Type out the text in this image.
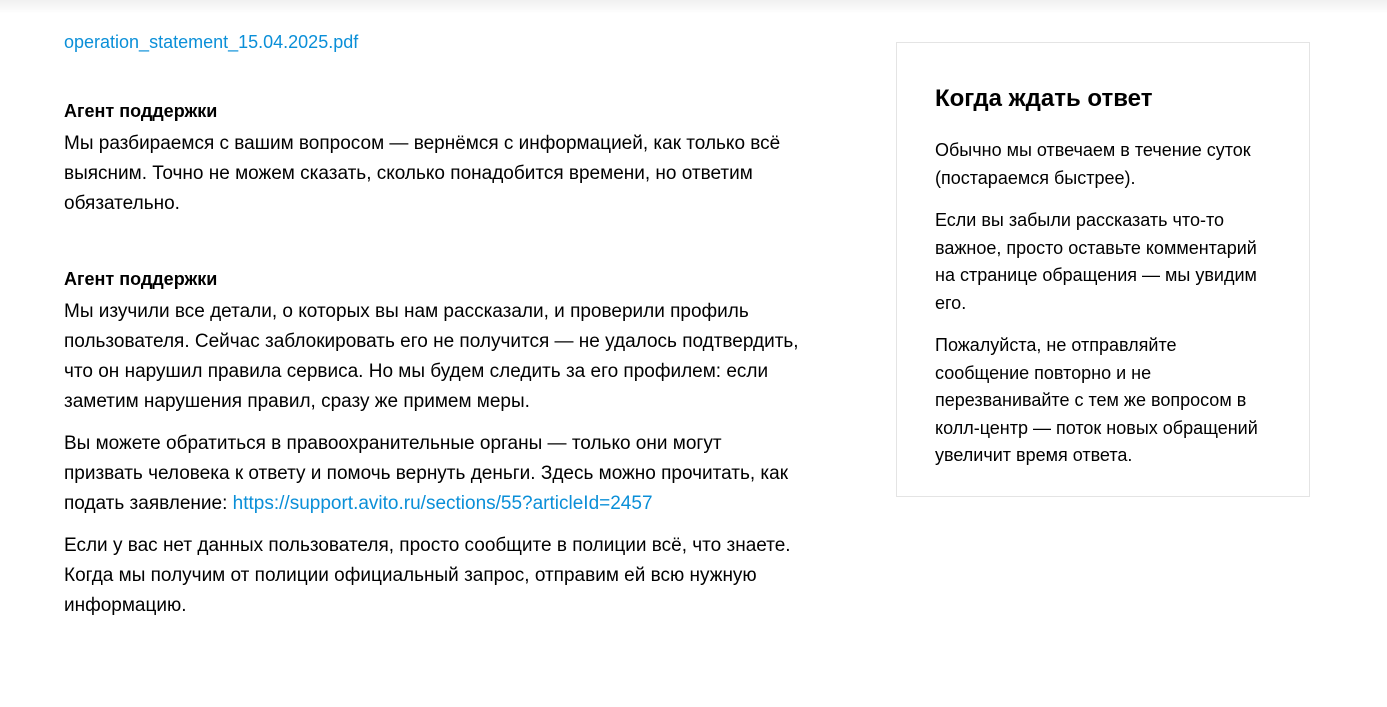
operation_statement_15.04.2025.pdf
Агент поддержки

Мы разбираемся с вашим вопросом — вернёмся с информацией, как только всё выясним. Точно не можем сказать, сколько понадобится времени, но ответим обязательно.

Агент поддержки

Мы изучили все детали, о которых вы нам рассказали, и проверили профиль пользователя. Сейчас заблокировать его не получится — не удалось подтвердить, что он нарушил правила сервиса. Но мы будем следить за его профилем: если заметим нарушения правил, сразу же примем меры.

Вы можете обратиться в правоохранительные органы — только они могут призвать человека к ответу и помочь вернуть деньги. Здесь можно прочитать, как подать заявление: https://support.avito.ru/sections/55?articleId=2457

Если у вас нет данных пользователя, просто сообщите в полиции всё, что знаете. Когда мы получим от полиции официальный запрос, отправим ей всю нужную информацию.

Когда ждать ответ

Обычно мы отвечаем в течение суток (постараемся быстрее).

Если вы забыли рассказать что-то важное, просто оставьте комментарий на странице обращения — мы увидим его.

Пожалуйста, не отправляйте сообщение повторно и не перезванивайте с тем же вопросом в колл-центр — поток новых обращений увеличит время ответа.
